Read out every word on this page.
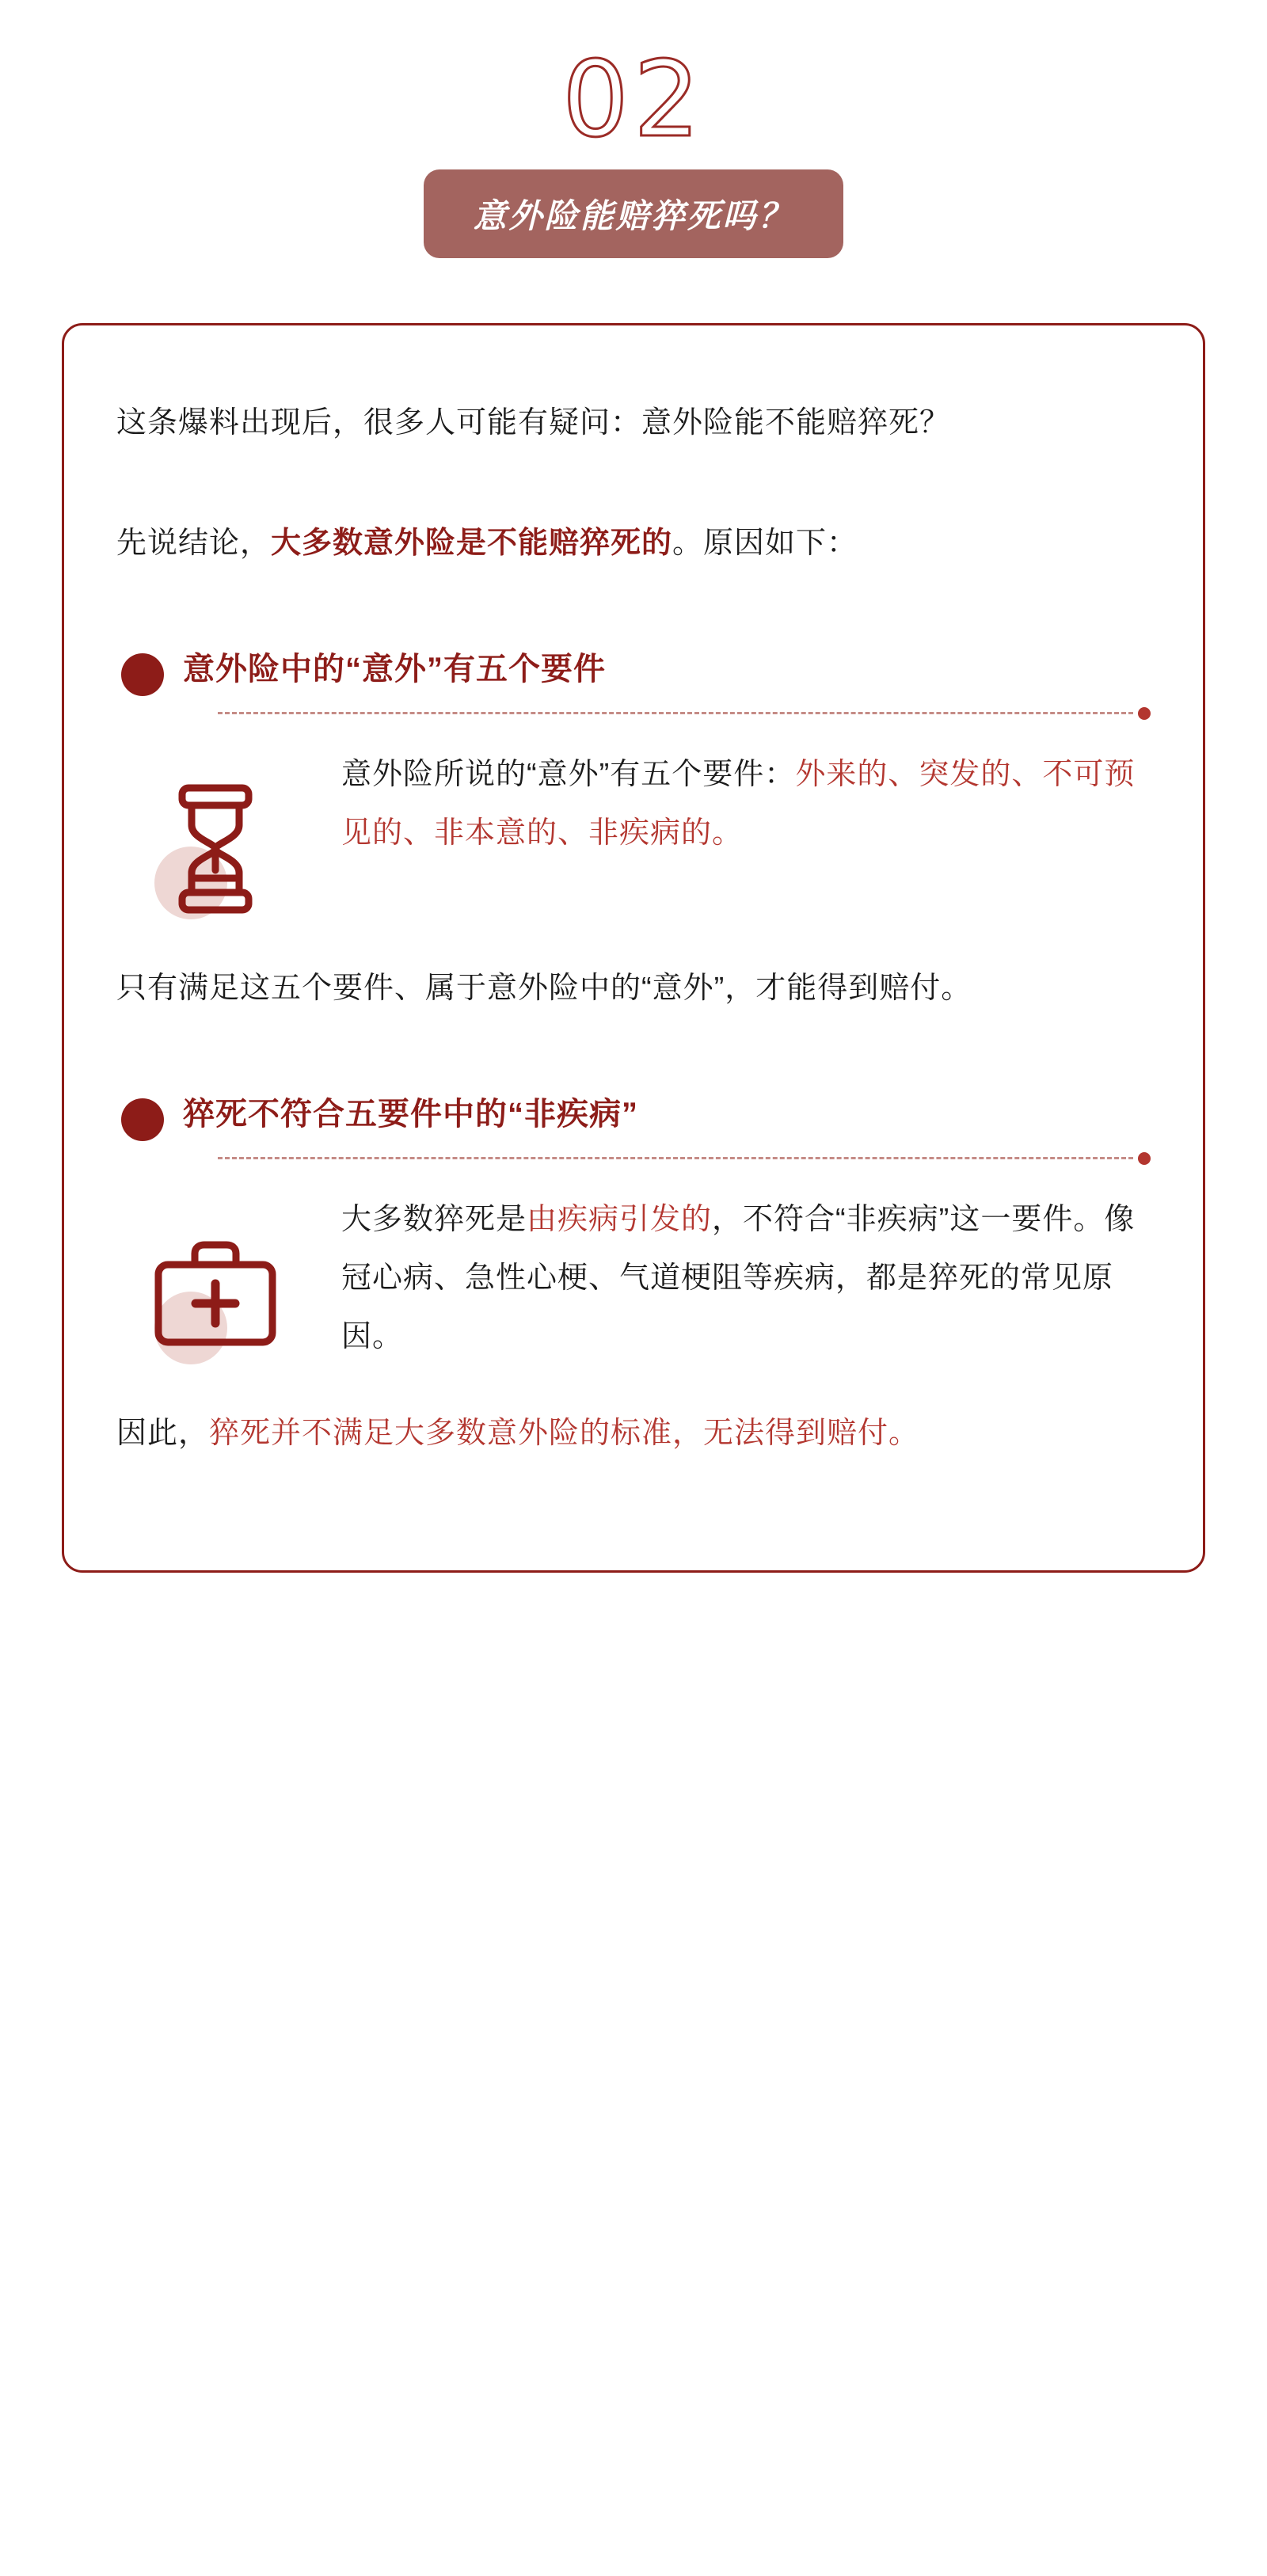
02
意外险能赔猝死吗？

这条爆料出现后，很多人可能有疑问：意外险能不能赔猝死？

先说结论，大多数意外险是不能赔猝死的。原因如下：

意外险中的“意外”有五个要件
意外险所说的“意外”有五个要件：外来的、突发的、不可预见的、非本意的、非疾病的。

只有满足这五个要件、属于意外险中的“意外”，才能得到赔付。

猝死不符合五要件中的“非疾病”
大多数猝死是由疾病引发的，不符合“非疾病”这一要件。像冠心病、急性心梗、气道梗阻等疾病，都是猝死的常见原因。

因此，猝死并不满足大多数意外险的标准，无法得到赔付。
